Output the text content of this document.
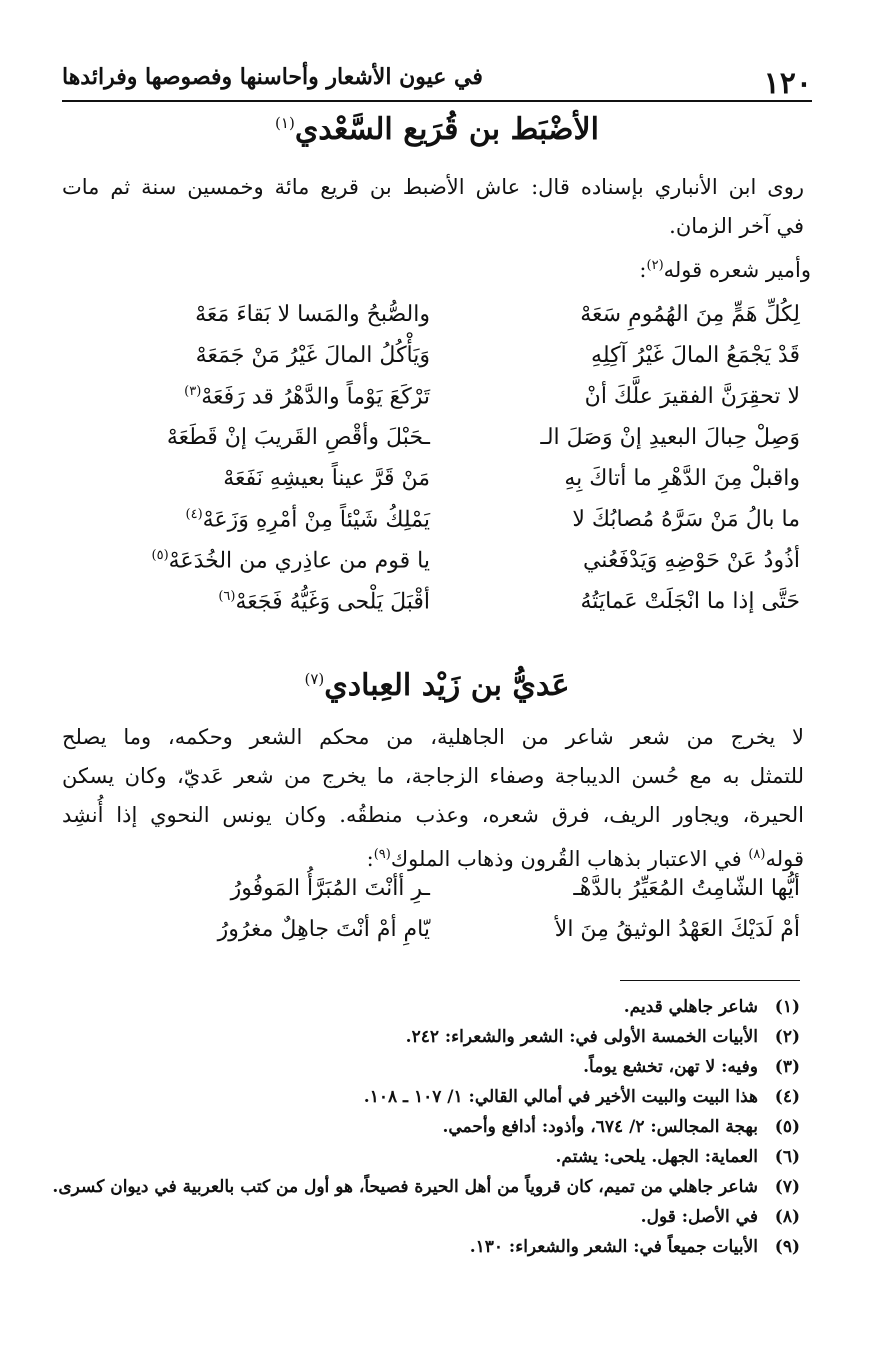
١٢٠
في عيون الأشعار وأحاسنها وفصوصها وفرائدها
الأضْبَط بن قُرَيع السَّعْدي$^{(١)}$
روى ابن الأنباري بإسناده قال: عاش الأضبط بن قريع مائة وخمسين سنة ثم مات
في آخر الزمان.
وأمير شعره قوله$^{(٢)}$:
لِكُلِّ هَمٍّ مِنَ الهُمُومِ سَعَهْ
والصُّبحُ والمَسا لا بَقاءَ مَعَهْ
قَدْ يَجْمَعُ المالَ غَيْرُ آكِلِهِ
وَيَأْكُلُ المالَ غَيْرُ مَنْ جَمَعَهْ
لا تحقِرَنَّ الفقيرَ علَّكَ أنْ
تَرْكَعَ يَوْماً والدَّهْرُ قد رَفَعَهْ$^{(٣)}$
وَصِلْ حِبالَ البعيدِ إنْ وَصَلَ الـ
ـحَبْلَ وأقْصِ القَريبَ إنْ قَطَعَهْ
واقبلْ مِنَ الدَّهْرِ ما أتاكَ بِهِ
مَنْ قَرَّ عيناً بعيشِهِ نَفَعَهْ
ما بالُ مَنْ سَرَّهُ مُصابُكَ لا
يَمْلِكُ شَيْئاً مِنْ أمْرِهِ وَزَعَهْ$^{(٤)}$
أذُودُ عَنْ حَوْضِهِ وَيَدْفَعُني
يا قوم من عاذِري من الخُدَعَهْ$^{(٥)}$
حَتَّى إذا ما انْجَلَتْ عَمايَتُهُ
أقْبَلَ يَلْحى وَغَيُّهُ فَجَعَهْ$^{(٦)}$
عَديُّ بن زَيْد العِبادي$^{(٧)}$
لا يخرج من شعر شاعر من الجاهلية، من محكم الشعر وحكمه، وما يصلح
للتمثل به مع حُسن الديباجة وصفاء الزجاجة، ما يخرج من شعر عَديّ، وكان يسكن
الحيرة، ويجاور الريف، فرق شعره، وعذب منطقُه. وكان يونس النحوي إذا أُنشِد
قوله$^{(٨)}$ في الاعتبار بذهاب القُرون وذهاب الملوك$^{(٩)}$:
أيُّها الشّامِتُ المُعَيِّرُ بالدَّهْـ
ـرِ أأنْتَ المُبَرَّأُ المَوفُورُ
أمْ لَدَيْكَ العَهْدُ الوثيقُ مِنَ الأ
يّامِ أمْ أنْتَ جاهِلٌ مغرُورُ
(١)
شاعر جاهلي قديم.
(٢)
الأبيات الخمسة الأولى في: الشعر والشعراء: ٢٤٢.
(٣)
وفيه: لا تهن، تخشع يوماً.
(٤)
هذا البيت والبيت الأخير في أمالي القالي: ١/ ١٠٧ ـ ١٠٨.
(٥)
بهجة المجالس: ٢/ ٦٧٤، وأذود: أدافع وأحمي.
(٦)
العماية: الجهل. يلحى: يشتم.
(٧)
شاعر جاهلي من تميم، كان قروياً من أهل الحيرة فصيحاً، هو أول من كتب بالعربية في ديوان كسرى.
(٨)
في الأصل: قول.
(٩)
الأبيات جميعاً في: الشعر والشعراء: ١٣٠.
